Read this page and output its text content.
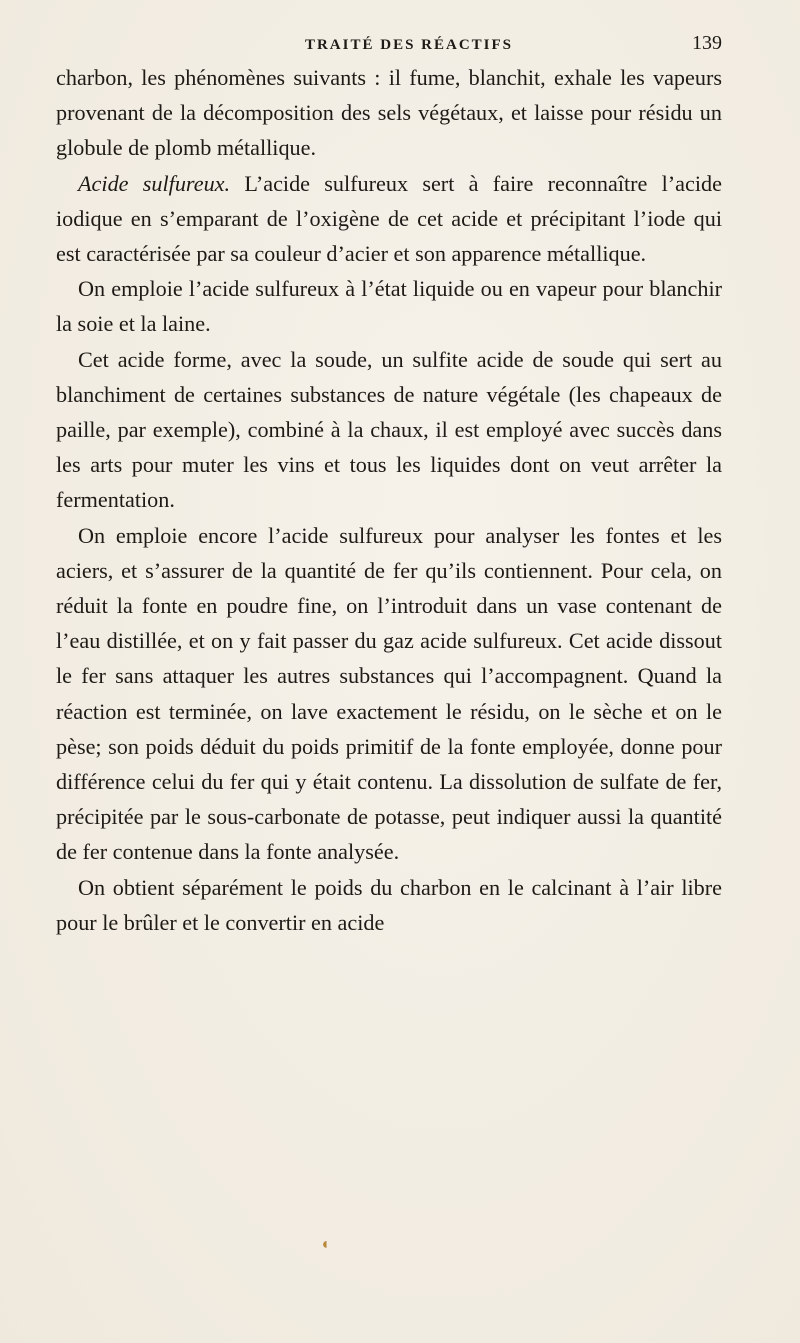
TRAITÉ DES RÉACTIFS	139

charbon, les phénomènes suivants : il fume, blanchit, exhale les vapeurs provenant de la décomposition des sels végétaux, et laisse pour résidu un globule de plomb métallique.

Acide sulfureux. L’acide sulfureux sert à faire reconnaître l’acide iodique en s’emparant de l’oxigène de cet acide et précipitant l’iode qui est caractérisée par sa couleur d’acier et son apparence métallique.

On emploie l’acide sulfureux à l’état liquide ou en vapeur pour blanchir la soie et la laine.

Cet acide forme, avec la soude, un sulfite acide de soude qui sert au blanchiment de certaines substances de nature végétale (les chapeaux de paille, par exemple), combiné à la chaux, il est employé avec succès dans les arts pour muter les vins et tous les liquides dont on veut arrêter la fermentation.

On emploie encore l’acide sulfureux pour analyser les fontes et les aciers, et s’assurer de la quantité de fer qu’ils contiennent. Pour cela, on réduit la fonte en poudre fine, on l’introduit dans un vase contenant de l’eau distillée, et on y fait passer du gaz acide sulfureux. Cet acide dissout le fer sans attaquer les autres substances qui l’accompagnent. Quand la réaction est terminée, on lave exactement le résidu, on le sèche et on le pèse; son poids déduit du poids primitif de la fonte employée, donne pour différence celui du fer qui y était contenu. La dissolution de sulfate de fer, précipitée par le sous-carbonate de potasse, peut indiquer aussi la quantité de fer contenue dans la fonte analysée.

On obtient séparément le poids du charbon en le calcinant à l’air libre pour le brûler et le convertir en acide

◖
